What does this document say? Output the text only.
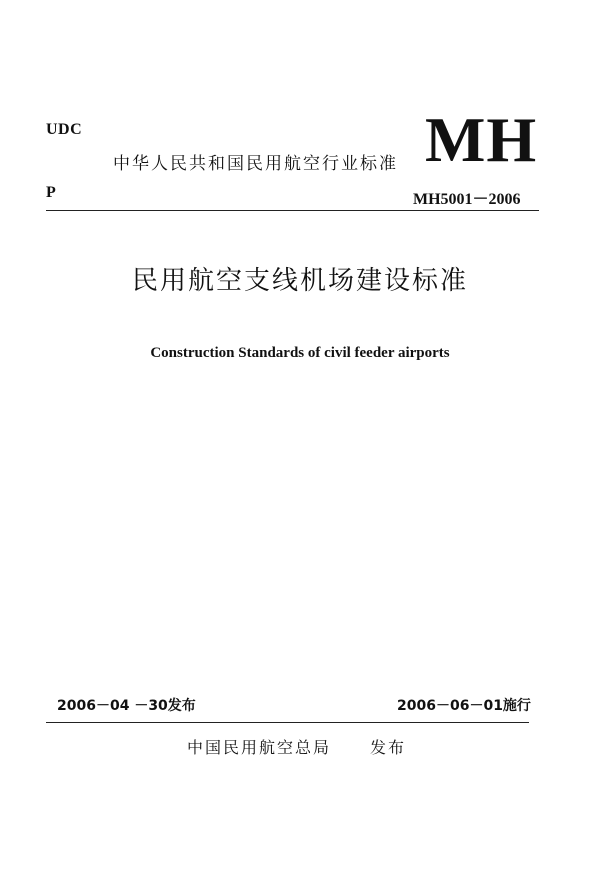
UDC
中华人民共和国民用航空行业标准 MH
P	MH5001－2006
民用航空支线机场建设标准
Construction Standards of civil feeder airports
2006－04 －30发布	2006－06－01施行
中国民用航空总局 发布
